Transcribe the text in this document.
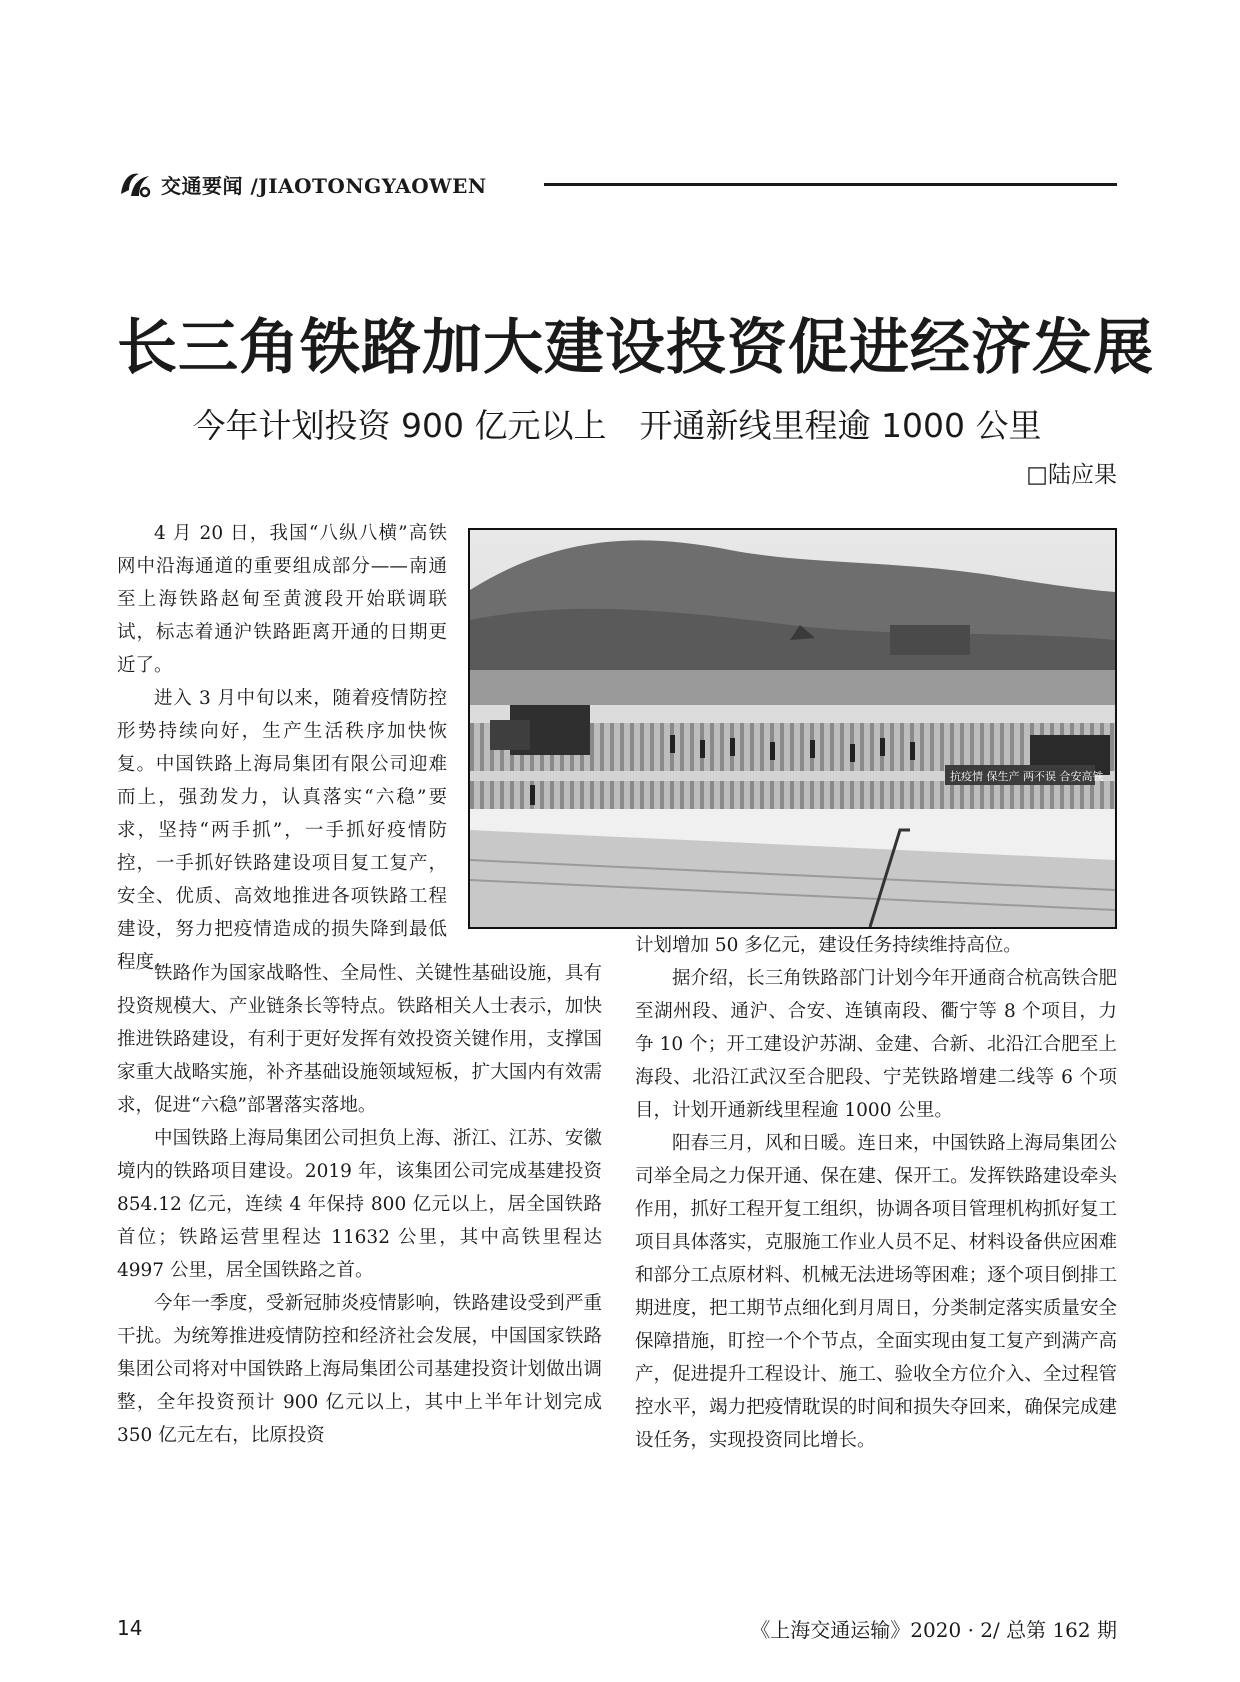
交通要闻 /JIAOTONGYAOWEN
长三角铁路加大建设投资促进经济发展
今年计划投资 900 亿元以上　开通新线里程逾 1000 公里
□陆应果

4 月 20 日，我国“八纵八横”高铁网中沿海通道的重要组成部分——南通至上海铁路赵甸至黄渡段开始联调联试，标志着通沪铁路距离开通的日期更近了。

进入 3 月中旬以来，随着疫情防控形势持续向好，生产生活秩序加快恢复。中国铁路上海局集团有限公司迎难而上，强劲发力，认真落实“六稳”要求，坚持“两手抓”，一手抓好疫情防控，一手抓好铁路建设项目复工复产，安全、优质、高效地推进各项铁路工程建设，努力把疫情造成的损失降到最低程度。

抗疫情 保生产 两不误 合安高铁

铁路作为国家战略性、全局性、关键性基础设施，具有投资规模大、产业链条长等特点。铁路相关人士表示，加快推进铁路建设，有利于更好发挥有效投资关键作用，支撑国家重大战略实施，补齐基础设施领域短板，扩大国内有效需求，促进“六稳”部署落实落地。

中国铁路上海局集团公司担负上海、浙江、江苏、安徽境内的铁路项目建设。2019 年，该集团公司完成基建投资 854.12 亿元，连续 4 年保持 800 亿元以上，居全国铁路首位；铁路运营里程达 11632 公里，其中高铁里程达 4997 公里，居全国铁路之首。

今年一季度，受新冠肺炎疫情影响，铁路建设受到严重干扰。为统筹推进疫情防控和经济社会发展，中国国家铁路集团公司将对中国铁路上海局集团公司基建投资计划做出调整，全年投资预计 900 亿元以上，其中上半年计划完成 350 亿元左右，比原投资

计划增加 50 多亿元，建设任务持续维持高位。

据介绍，长三角铁路部门计划今年开通商合杭高铁合肥至湖州段、通沪、合安、连镇南段、衢宁等 8 个项目，力争 10 个；开工建设沪苏湖、金建、合新、北沿江合肥至上海段、北沿江武汉至合肥段、宁芜铁路增建二线等 6 个项目，计划开通新线里程逾 1000 公里。

阳春三月，风和日暖。连日来，中国铁路上海局集团公司举全局之力保开通、保在建、保开工。发挥铁路建设牵头作用，抓好工程开复工组织，协调各项目管理机构抓好复工项目具体落实，克服施工作业人员不足、材料设备供应困难和部分工点原材料、机械无法进场等困难；逐个项目倒排工期进度，把工期节点细化到月周日，分类制定落实质量安全保障措施，盯控一个个节点，全面实现由复工复产到满产高产，促进提升工程设计、施工、验收全方位介入、全过程管控水平，竭力把疫情耽误的时间和损失夺回来，确保完成建设任务，实现投资同比增长。

14	《上海交通运输》2020 · 2/ 总第 162 期
